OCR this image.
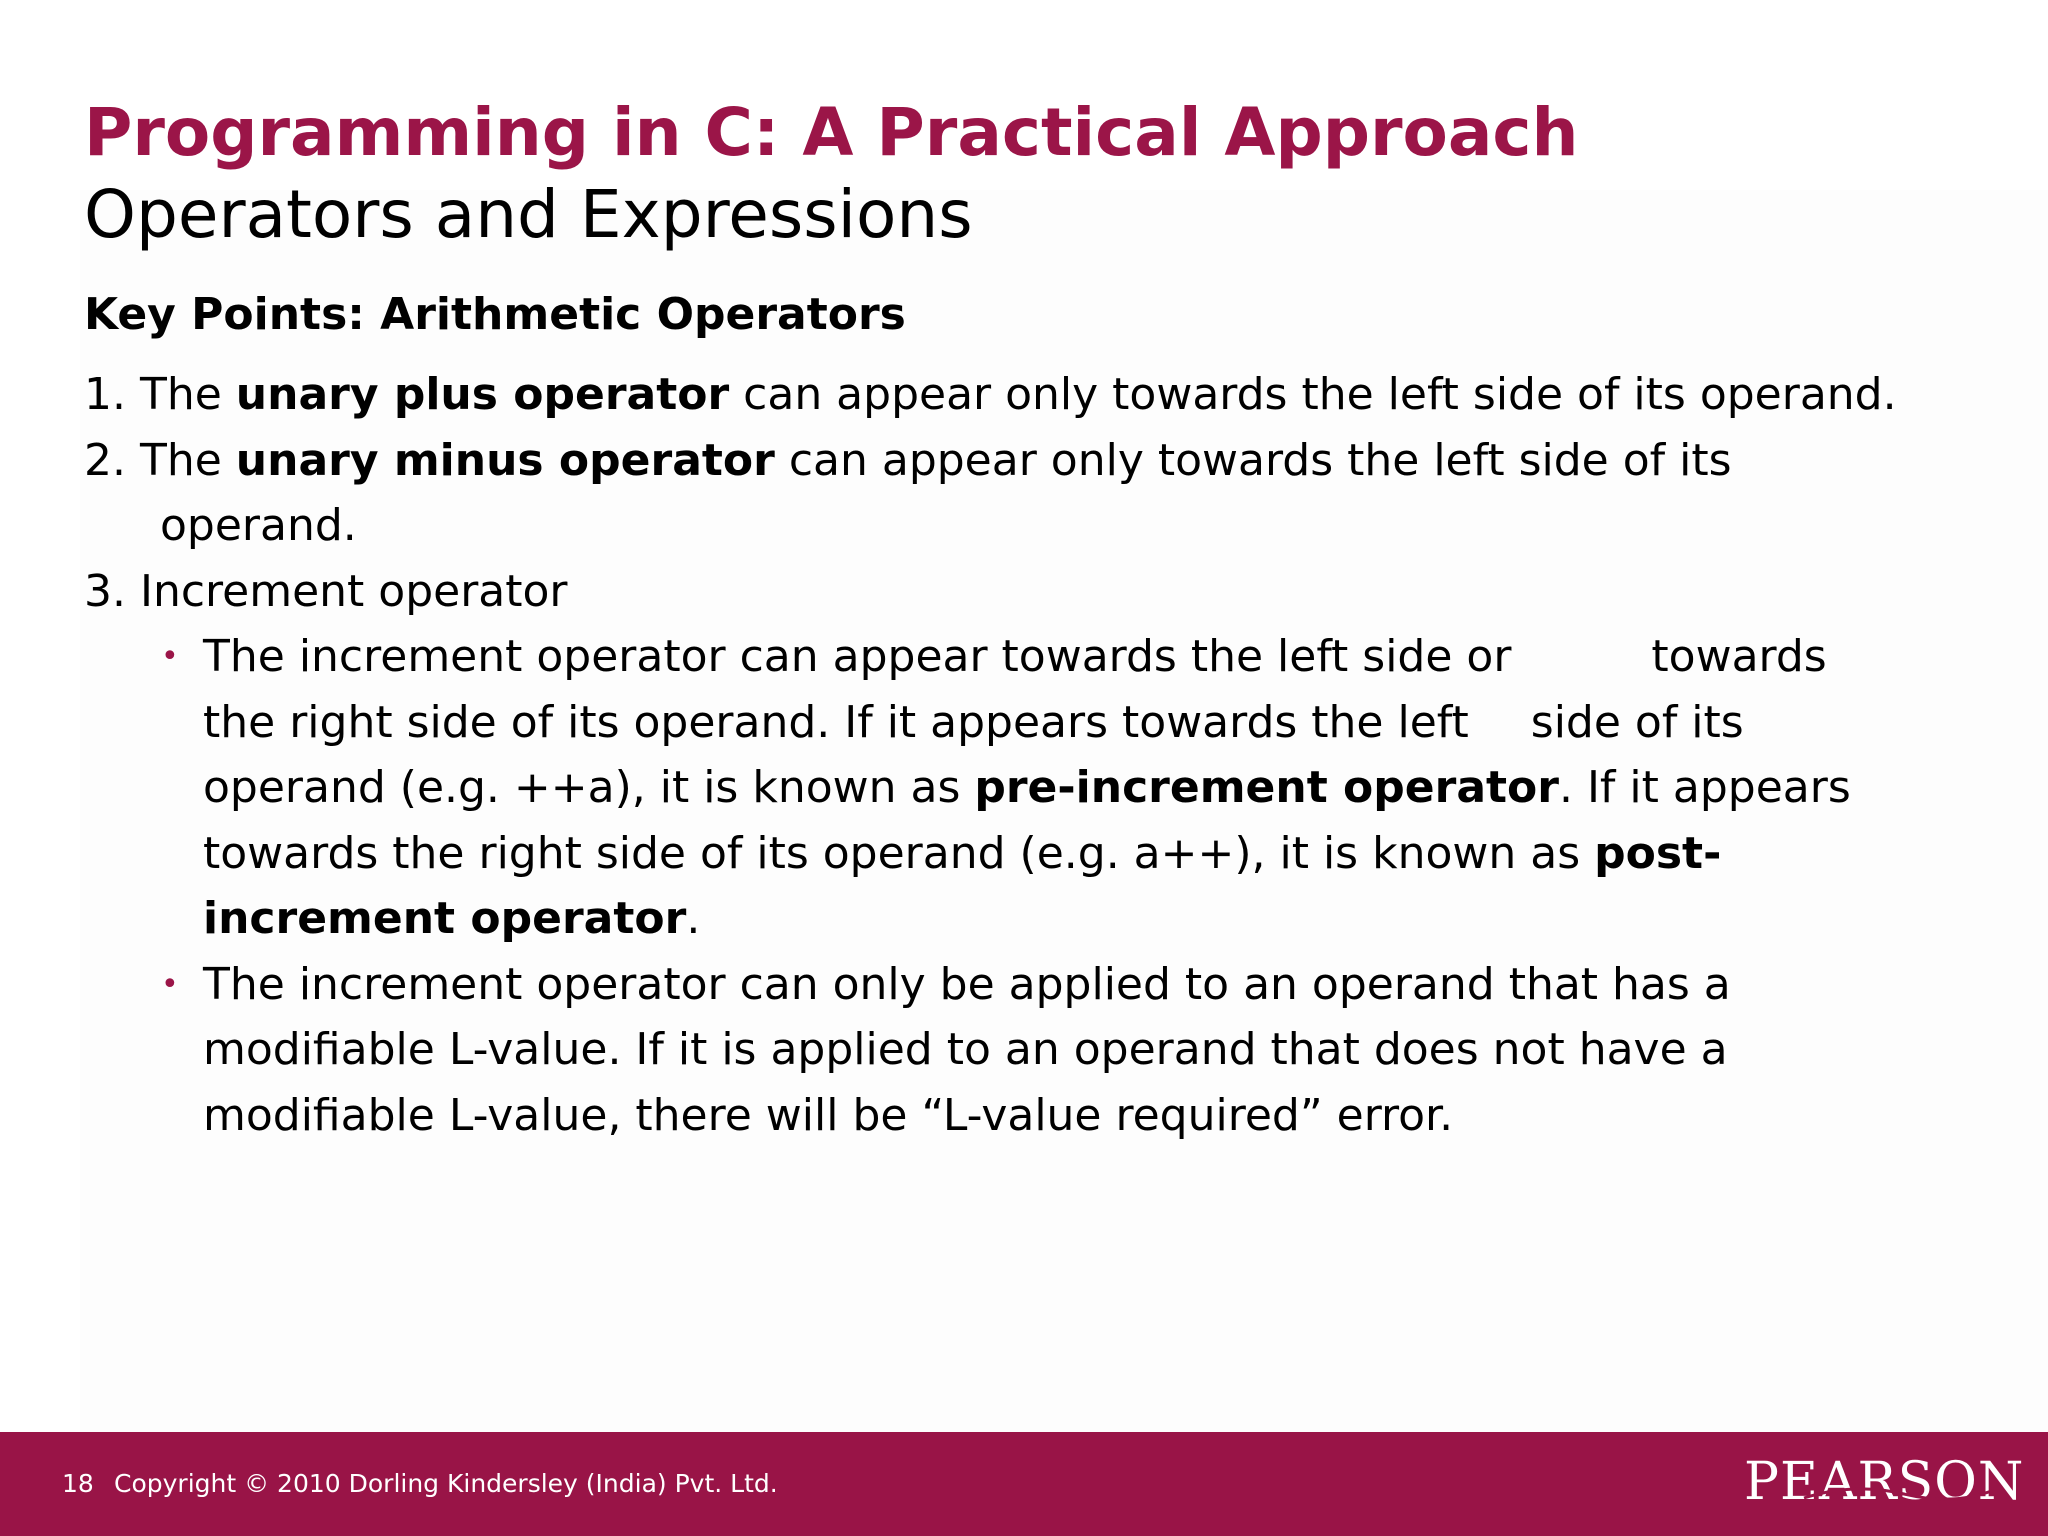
Programming in C: A Practical Approach
Operators and Expressions
Key Points: Arithmetic Operators
1. The unary plus operator can appear only towards the left side of its operand.
2. The unary minus operator can appear only towards the left side of its
operand.
3. Increment operator
• The increment operator can appear towards the left side or	towards
the right side of its operand. If it appears towards the left side of its
operand (e.g. ++a), it is known as pre-increment operator. If it appears
towards the right side of its operand (e.g. a++), it is known as post-
increment operator.
• The increment operator can only be applied to an operand that has a
modifiable L-value. If it is applied to an operand that does not have a
modifiable L-value, there will be “L-value required” error.
18 Copyright © 2010 Dorling Kindersley (India) Pvt. Ltd.	PEARSON
